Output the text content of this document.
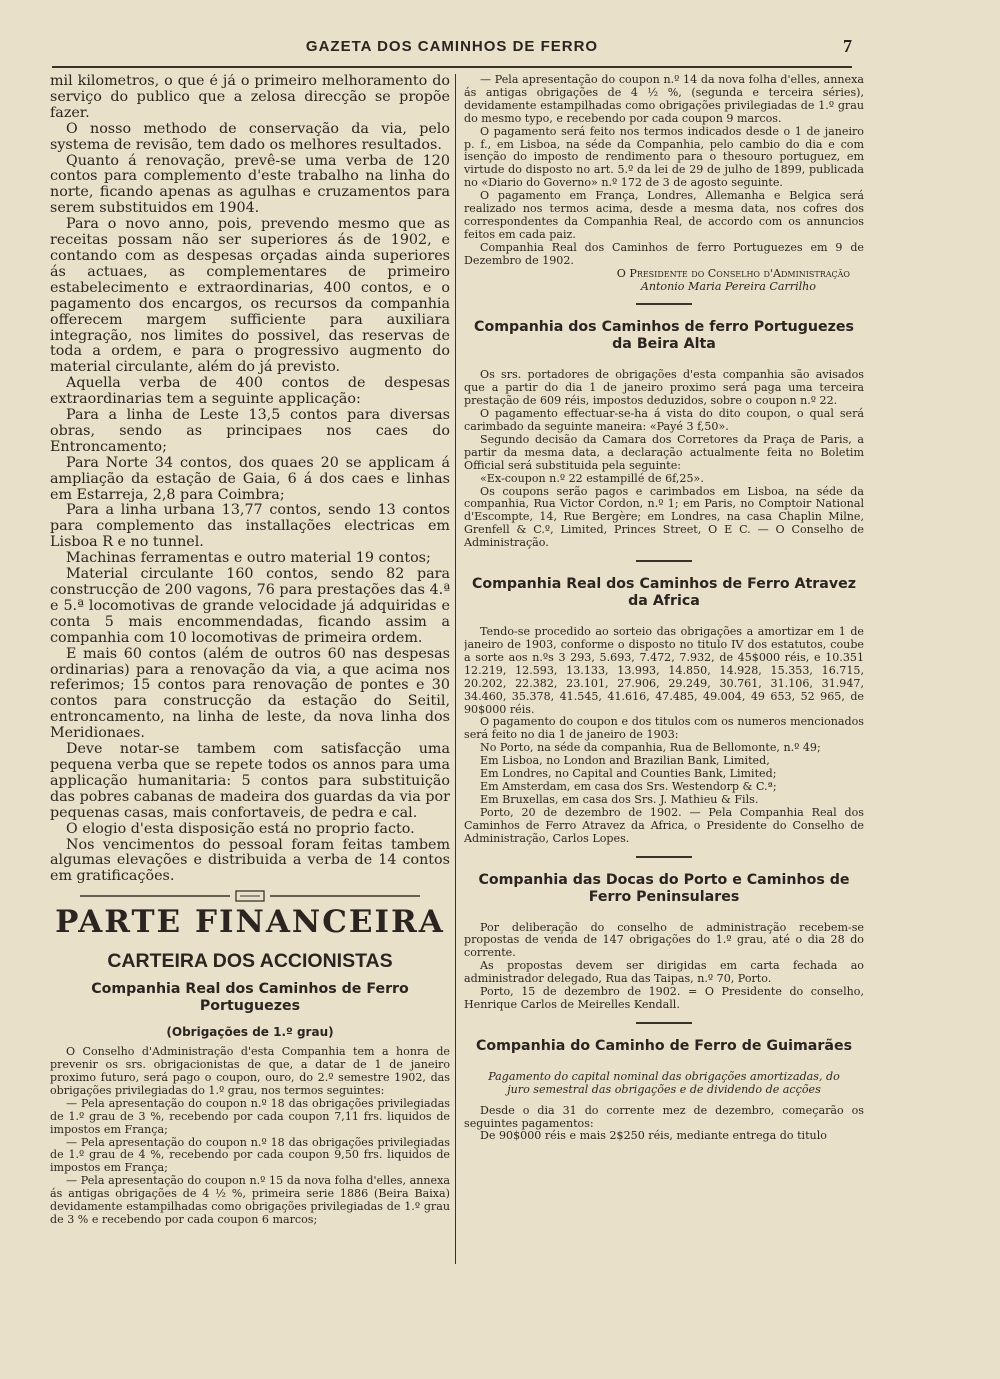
GAZETA DOS CAMINHOS DE FERRO	7

mil kilometros, o que é já o primeiro melhoramento do serviço do publico que a zelosa direcção se propõe fazer.

O nosso methodo de conservação da via, pelo systema de revisão, tem dado os melhores resultados.

Quanto á renovação, prevê-se uma verba de 120 contos para complemento d'este trabalho na linha do norte, ficando apenas as agulhas e cruzamentos para serem substituidos em 1904.

Para o novo anno, pois, prevendo mesmo que as receitas possam não ser superiores ás de 1902, e contando com as despesas orçadas ainda superiores ás actuaes, as complementares de primeiro estabelecimento e extraordinarias, 400 contos, e o pagamento dos encargos, os recursos da companhia offerecem margem sufficiente para auxiliara integração, nos limites do possivel, das reservas de toda a ordem, e para o progressivo augmento do material circulante, além do já previsto.

Aquella verba de 400 contos de despesas extraordinarias tem a seguinte applicação:

Para a linha de Leste 13,5 contos para diversas obras, sendo as principaes nos caes do Entroncamento;

Para Norte 34 contos, dos quaes 20 se applicam á ampliação da estação de Gaia, 6 á dos caes e linhas em Estarreja, 2,8 para Coimbra;

Para a linha urbana 13,77 contos, sendo 13 contos para complemento das installações electricas em Lisboa R e no tunnel.

Machinas ferramentas e outro material 19 contos;

Material circulante 160 contos, sendo 82 para construcção de 200 vagons, 76 para prestações das 4.ª e 5.ª locomotivas de grande velocidade já adquiridas e conta 5 mais encommendadas, ficando assim a companhia com 10 locomotivas de primeira ordem.

E mais 60 contos (além de outros 60 nas despesas ordinarias) para a renovação da via, a que acima nos referimos; 15 contos para renovação de pontes e 30 contos para construcção da estação do Seitil, entroncamento, na linha de leste, da nova linha dos Meridionaes.

Deve notar-se tambem com satisfacção uma pequena verba que se repete todos os annos para uma applicação humanitaria: 5 contos para substituição das pobres cabanas de madeira dos guardas da via por pequenas casas, mais confortaveis, de pedra e cal.

O elogio d'esta disposição está no proprio facto.

Nos vencimentos do pessoal foram feitas tambem algumas elevações e distribuida a verba de 14 contos em gratificações.

PARTE FINANCEIRA
CARTEIRA DOS ACCIONISTAS
Companhia Real dos Caminhos de Ferro Portuguezes
(Obrigações de 1.º grau)

O Conselho d'Administração d'esta Companhia tem a honra de prevenir os srs. obrigacionistas de que, a datar de 1 de janeiro proximo futuro, será pago o coupon, ouro, do 2.º semestre 1902, das obrigações privilegiadas do 1.º grau, nos termos seguintes:

— Pela apresentação do coupon n.º 18 das obrigações privilegiadas de 1.º grau de 3 %, recebendo por cada coupon 7,11 frs. liquidos de impostos em França;

— Pela apresentação do coupon n.º 18 das obrigações privilegiadas de 1.º grau de 4 %, recebendo por cada coupon 9,50 frs. liquidos de impostos em França;

— Pela apresentação do coupon n.º 15 da nova folha d'elles, annexa ás antigas obrigações de 4 ½ %, primeira serie 1886 (Beira Baixa) devidamente estampilhadas como obrigações privilegiadas de 1.º grau de 3 % e recebendo por cada coupon 6 marcos;

— Pela apresentação do coupon n.º 14 da nova folha d'elles, annexa ás antigas obrigações de 4 ½ %, (segunda e terceira séries), devidamente estampilhadas como obrigações privilegiadas de 1.º grau do mesmo typo, e recebendo por cada coupon 9 marcos.

O pagamento será feito nos termos indicados desde o 1 de janeiro p. f., em Lisboa, na séde da Companhia, pelo cambio do dia e com isenção do imposto de rendimento para o thesouro portuguez, em virtude do disposto no art. 5.º da lei de 29 de julho de 1899, publicada no «Diario do Governo» n.º 172 de 3 de agosto seguinte.

O pagamento em França, Londres, Allemanha e Belgica será realizado nos termos acima, desde a mesma data, nos cofres dos correspondentes da Companhia Real, de accordo com os annuncios feitos em cada paiz.

Companhia Real dos Caminhos de ferro Portuguezes em 9 de Dezembro de 1902.

O Presidente do Conselho d'Administração
Antonio Maria Pereira Carrilho
Companhia dos Caminhos de ferro Portuguezes da Beira Alta

Os srs. portadores de obrigações d'esta companhia são avisados que a partir do dia 1 de janeiro proximo será paga uma terceira prestação de 609 réis, impostos deduzidos, sobre o coupon n.º 22.

O pagamento effectuar-se-ha á vista do dito coupon, o qual será carimbado da seguinte maneira: «Payé 3 f,50».

Segundo decisão da Camara dos Corretores da Praça de Paris, a partir da mesma data, a declaração actualmente feita no Boletim Official será substituida pela seguinte:

«Ex-coupon n.º 22 estampillé de 6f,25».

Os coupons serão pagos e carimbados em Lisboa, na séde da companhia, Rua Victor Cordon, n.º 1; em Paris, no Comptoir National d'Escompte, 14, Rue Bergère; em Londres, na casa Chaplin Milne, Grenfell & C.º, Limited, Princes Street, O E C. — O Conselho de Administração.

Companhia Real dos Caminhos de Ferro Atravez da Africa

Tendo-se procedido ao sorteio das obrigações a amortizar em 1 de janeiro de 1903, conforme o disposto no titulo IV dos estatutos, coube a sorte aos n.ºs 3 293, 5.693, 7.472, 7.932, de 45$000 réis, e 10.351 12.219, 12.593, 13.133, 13.993, 14.850, 14.928, 15.353, 16.715, 20.202, 22.382, 23.101, 27.906, 29.249, 30.761, 31.106, 31.947, 34.460, 35.378, 41.545, 41.616, 47.485, 49.004, 49 653, 52 965, de 90$000 réis.

O pagamento do coupon e dos titulos com os numeros mencionados será feito no dia 1 de janeiro de 1903:

No Porto, na séde da companhia, Rua de Bellomonte, n.º 49;

Em Lisboa, no London and Brazilian Bank, Limited,

Em Londres, no Capital and Counties Bank, Limited;

Em Amsterdam, em casa dos Srs. Westendorp & C.ª;

Em Bruxellas, em casa dos Srs. J. Mathieu & Fils.

Porto, 20 de dezembro de 1902. — Pela Companhia Real dos Caminhos de Ferro Atravez da Africa, o Presidente do Conselho de Administração, Carlos Lopes.

Companhia das Docas do Porto e Caminhos de Ferro Peninsulares

Por deliberação do conselho de administração recebem-se propostas de venda de 147 obrigações do 1.º grau, até o dia 28 do corrente.

As propostas devem ser dirigidas em carta fechada ao administrador delegado, Rua das Taipas, n.º 70, Porto.

Porto, 15 de dezembro de 1902. = O Presidente do conselho, Henrique Carlos de Meirelles Kendall.

Companhia do Caminho de Ferro de Guimarães
Pagamento do capital nominal das obrigações amortizadas, do juro semestral das obrigações e de dividendo de acções

Desde o dia 31 do corrente mez de dezembro, começarão os seguintes pagamentos:

De 90$000 réis e mais 2$250 réis, mediante entrega do titulo
